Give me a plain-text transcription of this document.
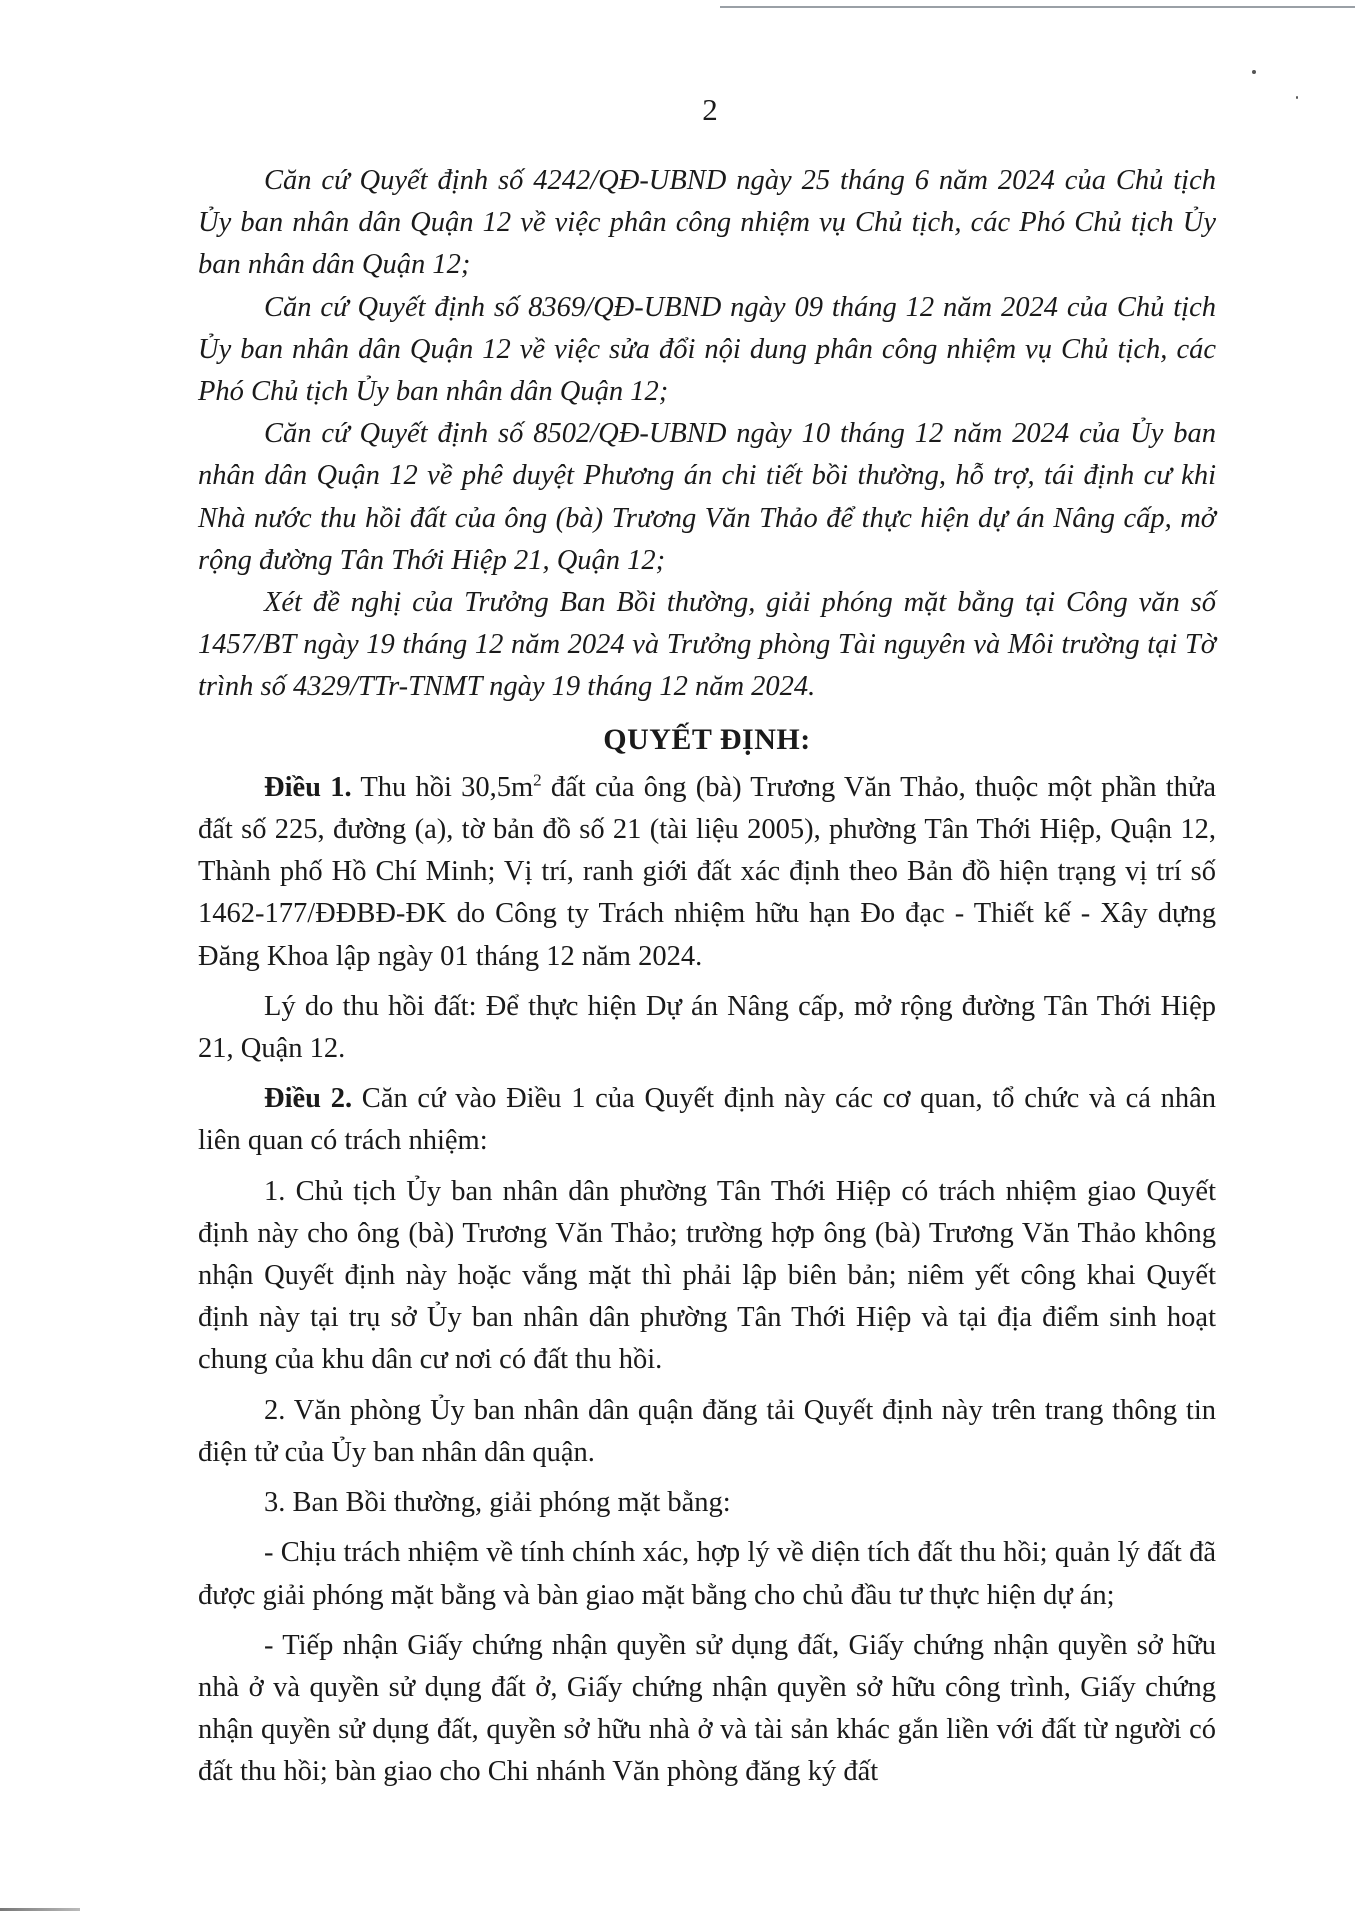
2

Căn cứ Quyết định số 4242/QĐ-UBND ngày 25 tháng 6 năm 2024 của Chủ tịch Ủy ban nhân dân Quận 12 về việc phân công nhiệm vụ Chủ tịch, các Phó Chủ tịch Ủy ban nhân dân Quận 12;

Căn cứ Quyết định số 8369/QĐ-UBND ngày 09 tháng 12 năm 2024 của Chủ tịch Ủy ban nhân dân Quận 12 về việc sửa đổi nội dung phân công nhiệm vụ Chủ tịch, các Phó Chủ tịch Ủy ban nhân dân Quận 12;

Căn cứ Quyết định số 8502/QĐ-UBND ngày 10 tháng 12 năm 2024 của Ủy ban nhân dân Quận 12 về phê duyệt Phương án chi tiết bồi thường, hỗ trợ, tái định cư khi Nhà nước thu hồi đất của ông (bà) Trương Văn Thảo để thực hiện dự án Nâng cấp, mở rộng đường Tân Thới Hiệp 21, Quận 12;

Xét đề nghị của Trưởng Ban Bồi thường, giải phóng mặt bằng tại Công văn số 1457/BT ngày 19 tháng 12 năm 2024 và Trưởng phòng Tài nguyên và Môi trường tại Tờ trình số 4329/TTr-TNMT ngày 19 tháng 12 năm 2024.

QUYẾT ĐỊNH:

Điều 1. Thu hồi $30,5m^2$ đất của ông (bà) Trương Văn Thảo, thuộc một phần thửa đất số 225, đường (a), tờ bản đồ số 21 (tài liệu 2005), phường Tân Thới Hiệp, Quận 12, Thành phố Hồ Chí Minh; Vị trí, ranh giới đất xác định theo Bản đồ hiện trạng vị trí số 1462-177/ĐĐBĐ-ĐK do Công ty Trách nhiệm hữu hạn Đo đạc - Thiết kế - Xây dựng Đăng Khoa lập ngày 01 tháng 12 năm 2024.

Lý do thu hồi đất: Để thực hiện Dự án Nâng cấp, mở rộng đường Tân Thới Hiệp 21, Quận 12.

Điều 2. Căn cứ vào Điều 1 của Quyết định này các cơ quan, tổ chức và cá nhân liên quan có trách nhiệm:

1. Chủ tịch Ủy ban nhân dân phường Tân Thới Hiệp có trách nhiệm giao Quyết định này cho ông (bà) Trương Văn Thảo; trường hợp ông (bà) Trương Văn Thảo không nhận Quyết định này hoặc vắng mặt thì phải lập biên bản; niêm yết công khai Quyết định này tại trụ sở Ủy ban nhân dân phường Tân Thới Hiệp và tại địa điểm sinh hoạt chung của khu dân cư nơi có đất thu hồi.

2. Văn phòng Ủy ban nhân dân quận đăng tải Quyết định này trên trang thông tin điện tử của Ủy ban nhân dân quận.

3. Ban Bồi thường, giải phóng mặt bằng:

- Chịu trách nhiệm về tính chính xác, hợp lý về diện tích đất thu hồi; quản lý đất đã được giải phóng mặt bằng và bàn giao mặt bằng cho chủ đầu tư thực hiện dự án;

- Tiếp nhận Giấy chứng nhận quyền sử dụng đất, Giấy chứng nhận quyền sở hữu nhà ở và quyền sử dụng đất ở, Giấy chứng nhận quyền sở hữu công trình, Giấy chứng nhận quyền sử dụng đất, quyền sở hữu nhà ở và tài sản khác gắn liền với đất từ người có đất thu hồi; bàn giao cho Chi nhánh Văn phòng đăng ký đất
